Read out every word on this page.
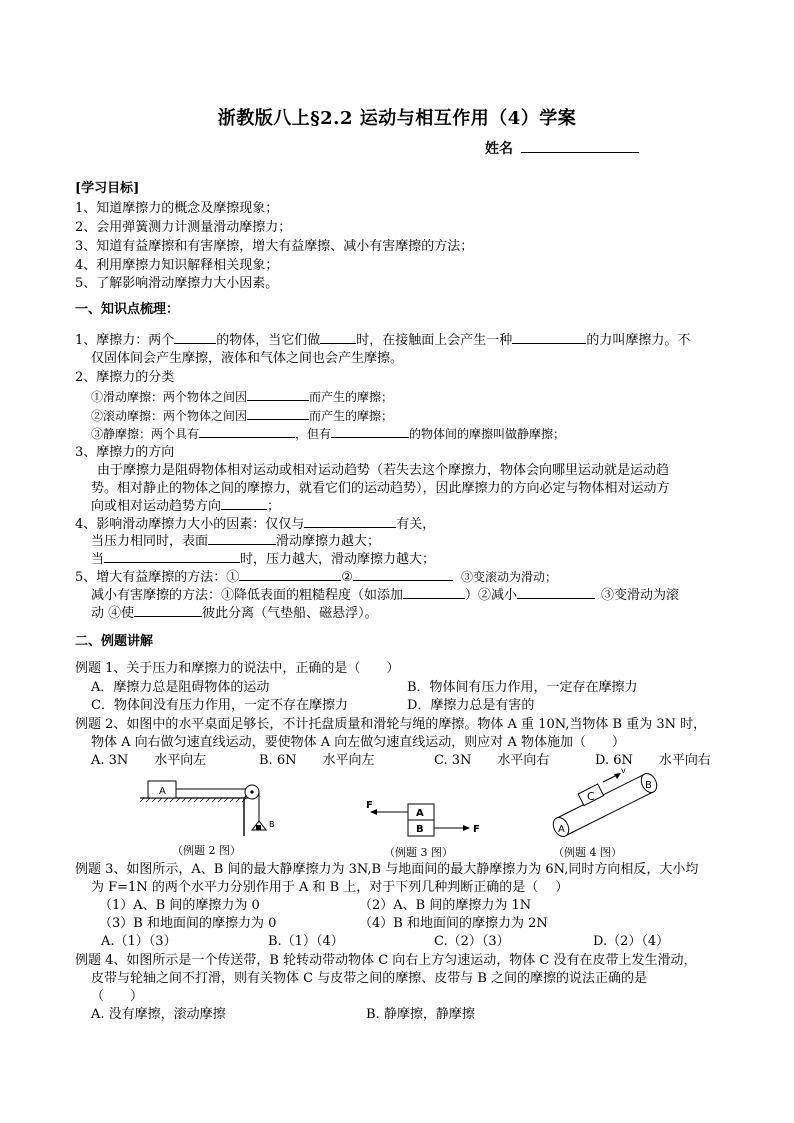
浙教版八上§2.2 运动与相互作用（4）学案
姓名
[学习目标]
1、知道摩擦力的概念及摩擦现象；
2、会用弹簧测力计测量滑动摩擦力；
3、知道有益摩擦和有害摩擦，增大有益摩擦、减小有害摩擦的方法；
4、利用摩擦力知识解释相关现象；
5、了解影响滑动摩擦力大小因素。
一、知识点梳理：
1、摩擦力：两个	的物体，当它们做	时，在接触面上会产生一种	的力叫摩擦力。不
仅固体间会产生摩擦，液体和气体之间也会产生摩擦。
2、摩擦力的分类
①滑动摩擦：两个物体之间因	而产生的摩擦；
②滚动摩擦：两个物体之间因	而产生的摩擦；
③静摩擦：两个具有	，但有	的物体间的摩擦叫做静摩擦；
3、摩擦力的方向
由于摩擦力是阻碍物体相对运动或相对运动趋势（若失去这个摩擦力，物体会向哪里运动就是运动趋
势。相对静止的物体之间的摩擦力，就看它们的运动趋势），因此摩擦力的方向必定与物体相对运动方
向或相对运动趋势方向	；
4、影响滑动摩擦力大小的因素：仅仅与	有关，
当压力相同时，表面	滑动摩擦力越大；
当	时，压力越大，滑动摩擦力越大；
5、增大有益摩擦的方法：①	②	③变滚动为滑动；
减小有害摩擦的方法：①降低表面的粗糙程度（如添加	）②减小	③变滑动为滚
动 ④使	彼此分离（气垫船、磁悬浮）。
二、例题讲解
例题 1、关于压力和摩擦力的说法中，正确的是（　　）
A．摩擦力总是阻碍物体的运动	B．物体间有压力作用，一定存在摩擦力
C．物体间没有压力作用，一定不存在摩擦力	D．摩擦力总是有害的
例题 2、如图中的水平桌面足够长，不计托盘质量和滑轮与绳的摩擦。物体 A 重 10N,当物体 B 重为 3N 时，
物体 A 向右做匀速直线运动，要使物体 A 向左做匀速直线运动，则应对 A 物体施加（　　）
A. 3N　　水平向左	B. 6N　　水平向左	C. 3N　　水平向右	D. 6N　　水平向右
A
B
（例题 2 图）
A
B
F
F
（例题 3 图）
A
B
C
v
（例题 4 图）
例题 3、如图所示，A、B 间的最大静摩擦力为 3N,B 与地面间的最大静摩擦力为 6N,同时方向相反，大小均
为 F=1N 的两个水平力分别作用于 A 和 B 上，对于下列几种判断正确的是（　 ）
（1）A、B 间的摩擦力为 0	（2）A、B 间的摩擦力为 1N
（3）B 和地面间的摩擦力为 0	（4）B 和地面间的摩擦力为 2N
A.（1）（3）	B.（1）（4）	C.（2）（3）	D.（2）（4）
例题 4、如图所示是一个传送带，B 轮转动带动物体 C 向右上方匀速运动，物体 C 没有在皮带上发生滑动，
皮带与轮轴之间不打滑，则有关物体 C 与皮带之间的摩擦、皮带与 B 之间的摩擦的说法正确的是
（　　）
A. 没有摩擦，滚动摩擦	B. 静摩擦，静摩擦
